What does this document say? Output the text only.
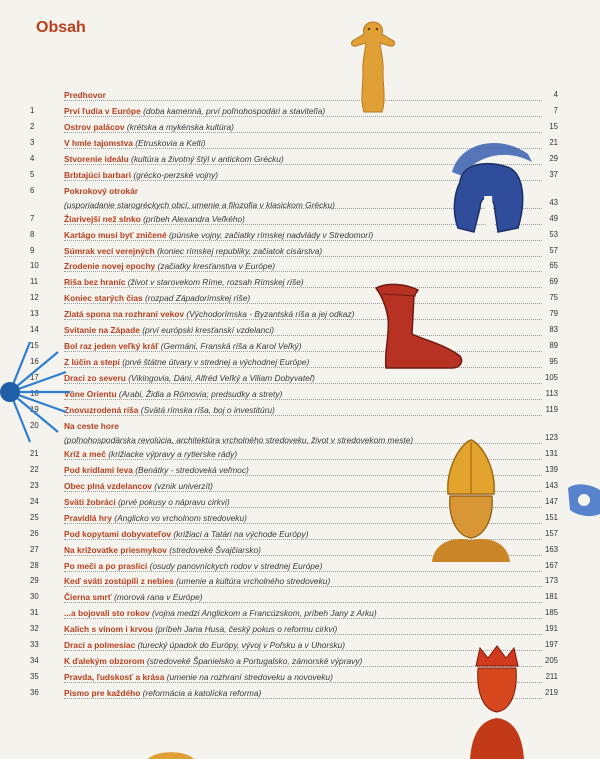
Obsah
Predhovor	4
1	Prví ľudia v Európe (doba kamenná, prví poľnohospodári a staviteľia)	7
2	Ostrov palácov (krétska a mykénska kultúra)	15
3	V hmle tajomstva (Etruskovia a Kelti)	21
4	Stvorenie ideálu (kultúra a životný štýl v antickom Grécku)	29
5	Brbtajúci barbari (grécko-perzské vojny)	37
6	Pokrokový otrokár
(usporiadanie starogréckych obcí, umenie a filozofia v klasickom Grécku)	43
7	Žiarivejší než slnko (príbeh Alexandra Veľkého)	49
8	Kartágo musí byť zničené (púnske vojny, začiatky rímskej nadvlády v Stredomorí)	53
9	Súmrak vecí verejných (koniec rímskej republiky, začiatok cisárstva)	57
10	Zrodenie novej epochy (začiatky kresťanstva v Európe)	65
11	Ríša bez hraníc (život v starovekom Ríme, rozsah Rímskej ríše)	69
12	Koniec starých čias (rozpad Západorímskej ríše)	75
13	Zlatá spona na rozhraní vekov (Východorímska - Byzantská ríša a jej odkaz)	79
14	Svitanie na Západe (prví európski kresťanskí vzdelanci)	83
15	Bol raz jeden veľký kráľ (Germáni, Franská ríša a Karol Veľký)	89
16	Z lúčin a stepí (prvé štátne útvary v strednej a východnej Európe)	95
17	Draci zo severu (Vikingovia, Dáni, Alfréd Veľký a Viliam Dobyvateľ)	105
18	Vône Orientu (Arabi, Židia a Rómovia; predsudky a strety)	113
19	Znovuzrodená ríša (Svätá rímska ríša, boj o investitúru)	119
20	Na ceste hore
(poľnohospodárska revolúcia, architektúra vrcholného stredoveku, život v stredovekom meste)	123
21	Kríž a meč (križiacke výpravy a rytierske rády)	131
22	Pod krídlami leva (Benátky - stredoveká veľmoc)	139
23	Obec plná vzdelancov (vznik univerzít)	143
24	Sväti žobráci (prvé pokusy o nápravu cirkvi)	147
25	Pravidlá hry (Anglicko vo vrcholnom stredoveku)	151
26	Pod kopytami dobyvateľov (križiaci a Tatári na východe Európy)	157
27	Na križovatke priesmykov (stredoveké Švajčiarsko)	163
28	Po meči a po praslici (osudy panovníckych rodov v strednej Európe)	167
29	Keď sväti zostúpili z nebies (umenie a kultúra vrcholného stredoveku)	173
30	Čierna smrť (morová rana v Európe)	181
31	...a bojovali sto rokov (vojna medzi Anglickom a Francúzskom, príbeh Jany z Arku)	185
32	Kalich s vínom i krvou (príbeh Jana Husa, český pokus o reformu cirkvi)	191
33	Draci a polmesiac (turecký úpadok do Európy, vývoj v Poľsku a v Uhorsku)	197
34	K ďalekým obzorom (stredoveké Španielsko a Portugalsko, zámorské výpravy)	205
35	Pravda, ľudskosť a krása (umenie na rozhraní stredoveku a novoveku)	211
36	Pismo pre každého (reformácia a katolícka reforma)	219
